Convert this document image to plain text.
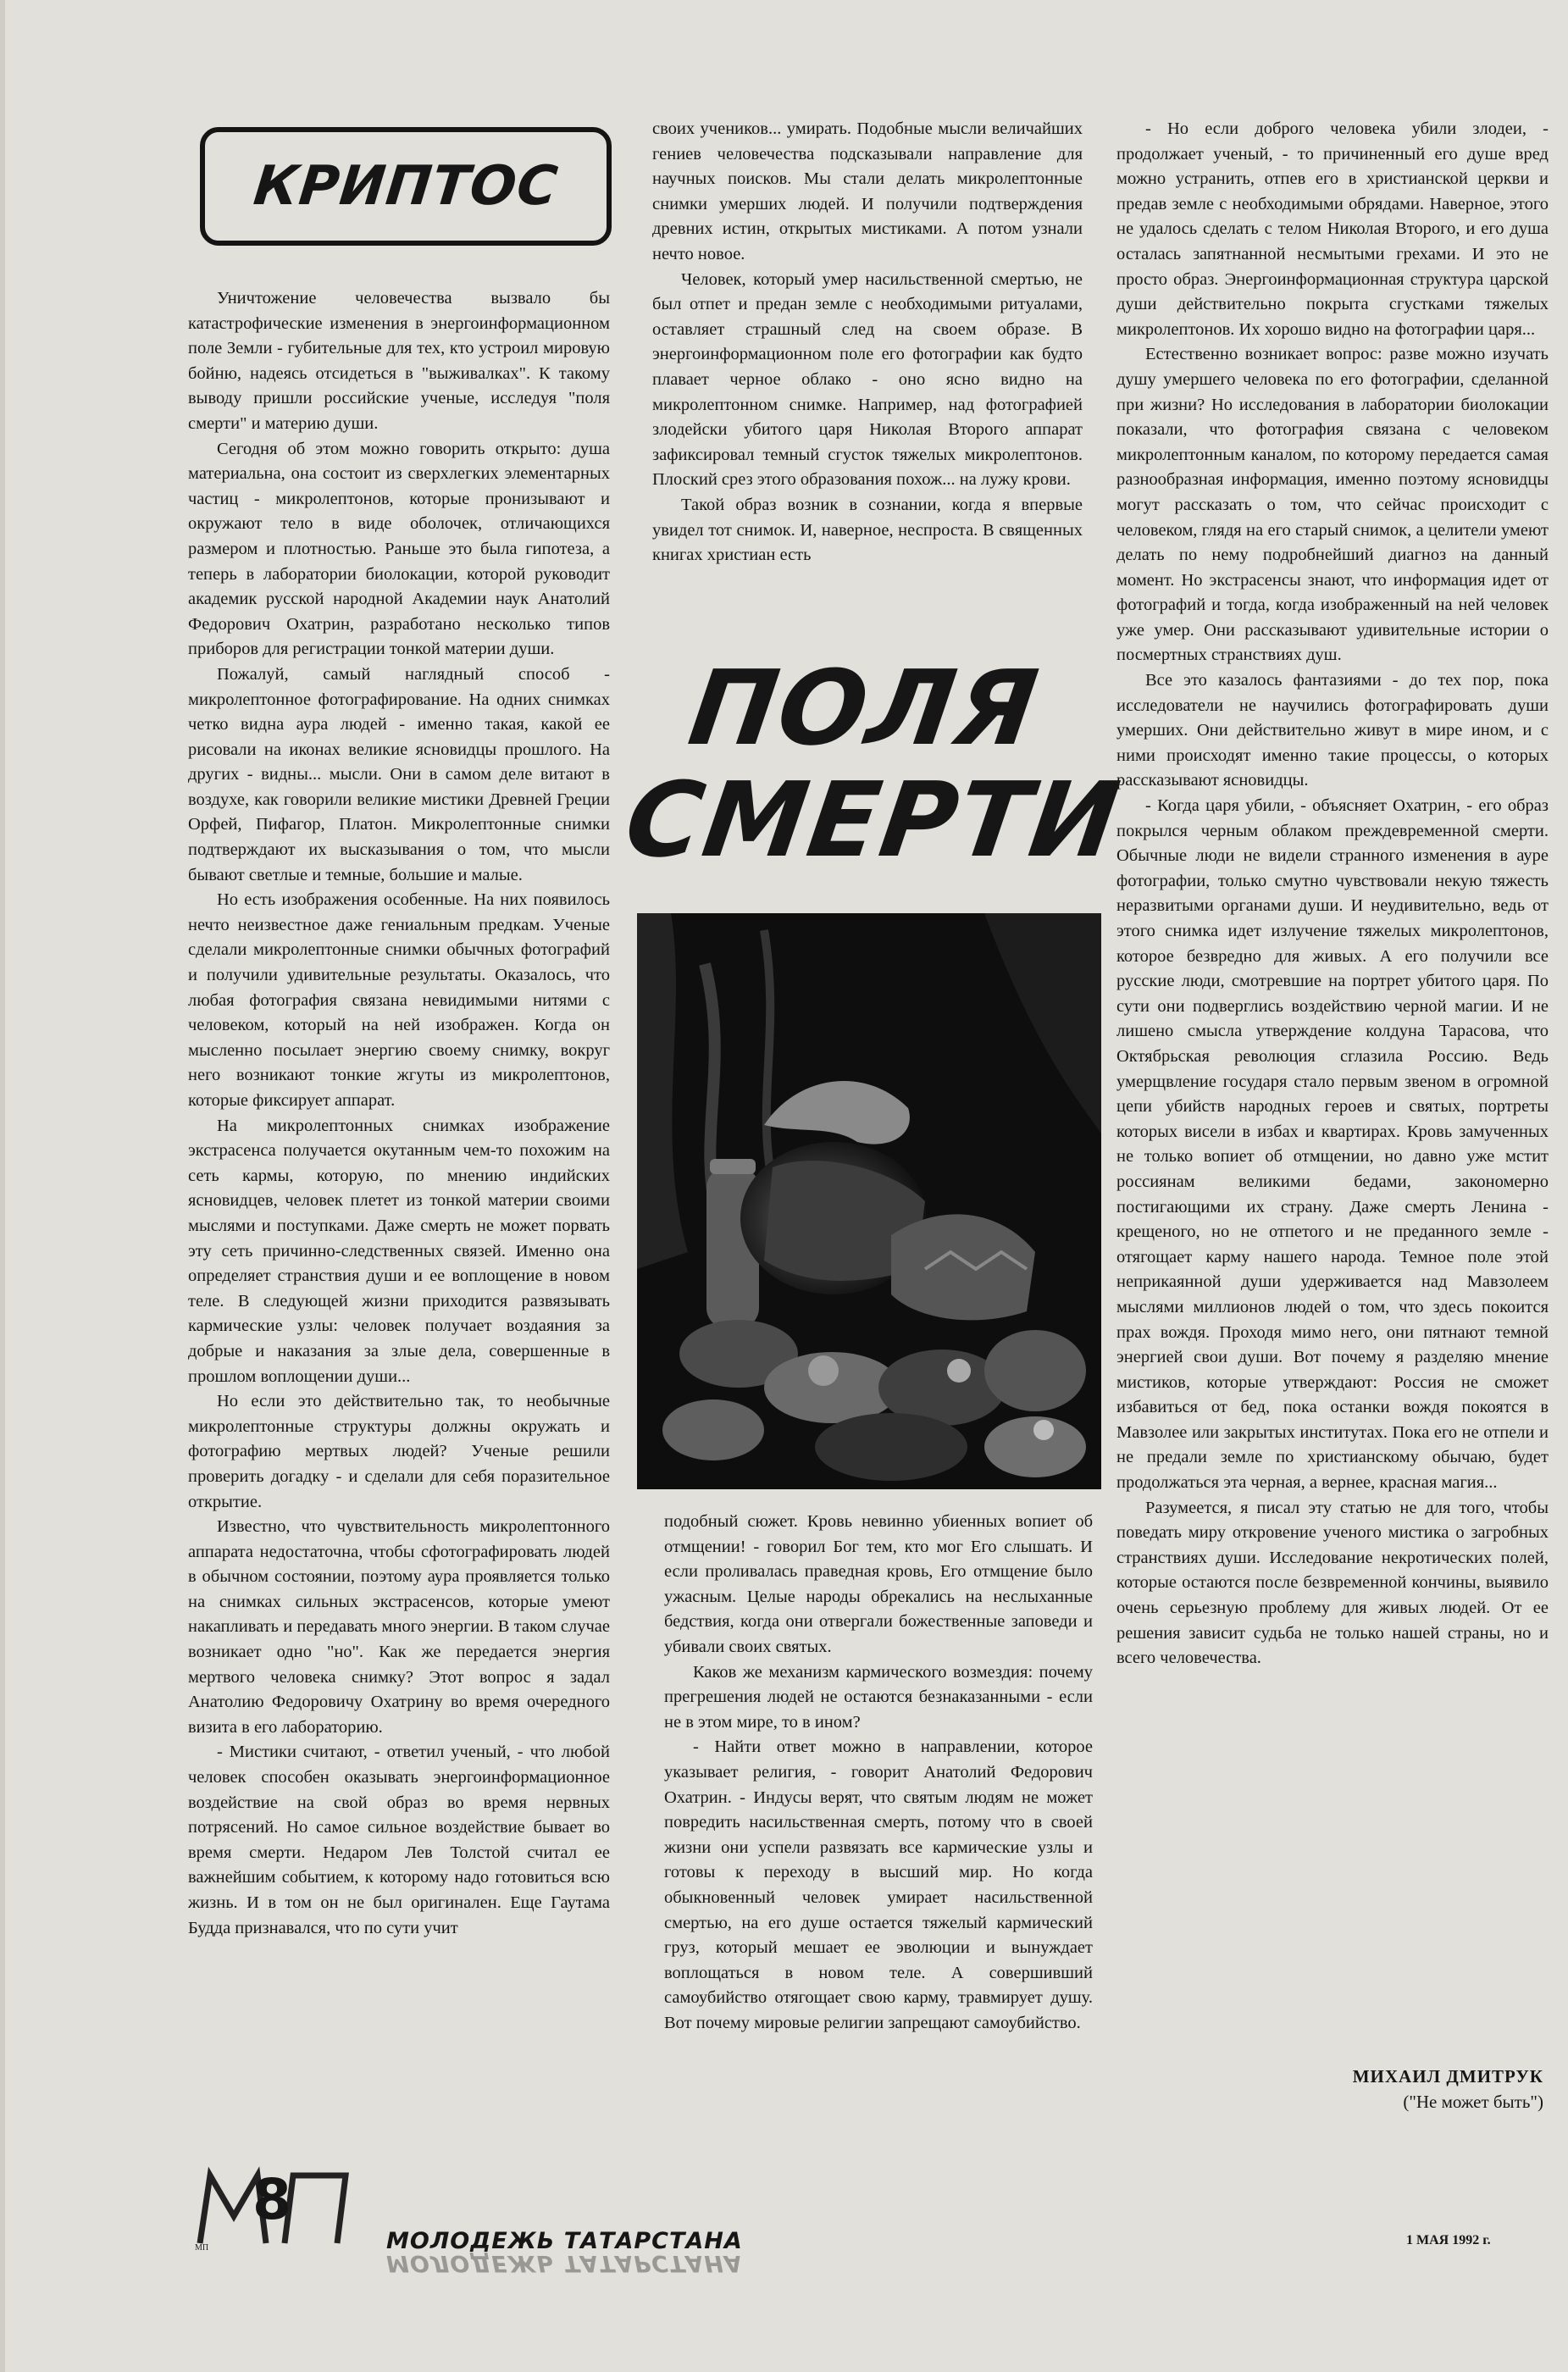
КРИПТОС

Уничтожение человечества вызвало бы катастрофические изменения в энергоинформационном поле Земли - губительные для тех, кто устроил мировую бойню, надеясь отсидеться в "выживалках". К такому выводу пришли российские ученые, исследуя "поля смерти" и материю души.

Сегодня об этом можно говорить открыто: душа материальна, она состоит из сверхлегких элементарных частиц - микролептонов, которые пронизывают и окружают тело в виде оболочек, отличающихся размером и плотностью. Раньше это была гипотеза, а теперь в лаборатории биолокации, которой руководит академик русской народной Академии наук Анатолий Федорович Охатрин, разработано несколько типов приборов для регистрации тонкой материи души.

Пожалуй, самый наглядный способ - микролептонное фотографирование. На одних снимках четко видна аура людей - именно такая, какой ее рисовали на иконах великие ясновидцы прошлого. На других - видны... мысли. Они в самом деле витают в воздухе, как говорили великие мистики Древней Греции Орфей, Пифагор, Платон. Микролептонные снимки подтверждают их высказывания о том, что мысли бывают светлые и темные, большие и малые.

Но есть изображения особенные. На них появилось нечто неизвестное даже гениальным предкам. Ученые сделали микролептонные снимки обычных фотографий и получили удивительные результаты. Оказалось, что любая фотография связана невидимыми нитями с человеком, который на ней изображен. Когда он мысленно посылает энергию своему снимку, вокруг него возникают тонкие жгуты из микролептонов, которые фиксирует аппарат.

На микролептонных снимках изображение экстрасенса получается окутанным чем-то похожим на сеть кармы, которую, по мнению индийских ясновидцев, человек плетет из тонкой материи своими мыслями и поступками. Даже смерть не может порвать эту сеть причинно-следственных связей. Именно она определяет странствия души и ее воплощение в новом теле. В следующей жизни приходится развязывать кармические узлы: человек получает воздаяния за добрые и наказания за злые дела, совершенные в прошлом воплощении души...

Но если это действительно так, то необычные микролептонные структуры должны окружать и фотографию мертвых людей? Ученые решили проверить догадку - и сделали для себя поразительное открытие.

Известно, что чувствительность микролептонного аппарата недостаточна, чтобы сфотографировать людей в обычном состоянии, поэтому аура проявляется только на снимках сильных экстрасенсов, которые умеют накапливать и передавать много энергии. В таком случае возникает одно "но". Как же передается энергия мертвого человека снимку? Этот вопрос я задал Анатолию Федоровичу Охатрину во время очередного визита в его лабораторию.

- Мистики считают, - ответил ученый, - что любой человек способен оказывать энергоинформационное воздействие на свой образ во время нервных потрясений. Но самое сильное воздействие бывает во время смерти. Недаром Лев Толстой считал ее важнейшим событием, к которому надо готовиться всю жизнь. И в том он не был оригинален. Еще Гаутама Будда признавался, что по сути учит

своих учеников... умирать. Подобные мысли величайших гениев человечества подсказывали направление для научных поисков. Мы стали делать микролептонные снимки умерших людей. И получили подтверждения древних истин, открытых мистиками. А потом узнали нечто новое.

Человек, который умер насильственной смертью, не был отпет и предан земле с необходимыми ритуалами, оставляет страшный след на своем образе. В энергоинформационном поле его фотографии как будто плавает черное облако - оно ясно видно на микролептонном снимке. Например, над фотографией злодейски убитого царя Николая Второго аппарат зафиксировал темный сгусток тяжелых микролептонов. Плоский срез этого образования похож... на лужу крови.

Такой образ возник в сознании, когда я впервые увидел тот снимок. И, наверное, неспроста. В священных книгах христиан есть

ПОЛЯ
СМЕРТИ

подобный сюжет. Кровь невинно убиенных вопиет об отмщении! - говорил Бог тем, кто мог Его слышать. И если проливалась праведная кровь, Его отмщение было ужасным. Целые народы обрекались на неслыханные бедствия, когда они отвергали божественные заповеди и убивали своих святых.

Каков же механизм кармического возмездия: почему прегрешения людей не остаются безнаказанными - если не в этом мире, то в ином?

- Найти ответ можно в направлении, которое указывает религия, - говорит Анатолий Федорович Охатрин. - Индусы верят, что святым людям не может повредить насильственная смерть, потому что в своей жизни они успели развязать все кармические узлы и готовы к переходу в высший мир. Но когда обыкновенный человек умирает насильственной смертью, на его душе остается тяжелый кармический груз, который мешает ее эволюции и вынуждает воплощаться в новом теле. А совершивший самоубийство отягощает свою карму, травмирует душу. Вот почему мировые религии запрещают самоубийство.

- Но если доброго человека убили злодеи, - продолжает ученый, - то причиненный его душе вред можно устранить, отпев его в христианской церкви и предав земле с необходимыми обрядами. Наверное, этого не удалось сделать с телом Николая Второго, и его душа осталась запятнанной несмытыми грехами. И это не просто образ. Энергоинформационная структура царской души действительно покрыта сгустками тяжелых микролептонов. Их хорошо видно на фотографии царя...

Естественно возникает вопрос: разве можно изучать душу умершего человека по его фотографии, сделанной при жизни? Но исследования в лаборатории биолокации показали, что фотография связана с человеком микролептонным каналом, по которому передается самая разнообразная информация, именно поэтому ясновидцы могут рассказать о том, что сейчас происходит с человеком, глядя на его старый снимок, а целители умеют делать по нему подробнейший диагноз на данный момент. Но экстрасенсы знают, что информация идет от фотографий и тогда, когда изображенный на ней человек уже умер. Они рассказывают удивительные истории о посмертных странствиях душ.

Все это казалось фантазиями - до тех пор, пока исследователи не научились фотографировать души умерших. Они действительно живут в мире ином, и с ними происходят именно такие процессы, о которых рассказывают ясновидцы.

- Когда царя убили, - объясняет Охатрин, - его образ покрылся черным облаком преждевременной смерти. Обычные люди не видели странного изменения в ауре фотографии, только смутно чувствовали некую тяжесть неразвитыми органами души. И неудивительно, ведь от этого снимка идет излучение тяжелых микролептонов, которое безвредно для живых. А его получили все русские люди, смотревшие на портрет убитого царя. По сути они подверглись воздействию черной магии. И не лишено смысла утверждение колдуна Тарасова, что Октябрьская революция сглазила Россию. Ведь умерщвление государя стало первым звеном в огромной цепи убийств народных героев и святых, портреты которых висели в избах и квартирах. Кровь замученных не только вопиет об отмщении, но давно уже мстит россиянам великими бедами, закономерно постигающими их страну. Даже смерть Ленина - крещеного, но не отпетого и не преданного земле - отягощает карму нашего народа. Темное поле этой неприкаянной души удерживается над Мавзолеем мыслями миллионов людей о том, что здесь покоится прах вождя. Проходя мимо него, они пятнают темной энергией свои души. Вот почему я разделяю мнение мистиков, которые утверждают: Россия не сможет избавиться от бед, пока останки вождя покоятся в Мавзолее или закрытых институтах. Пока его не отпели и не предали земле по христианскому обычаю, будет продолжаться эта черная, а вернее, красная магия...

Разумеется, я писал эту статью не для того, чтобы поведать миру откровение ученого мистика о загробных странствиях души. Исследование некротических полей, которые остаются после безвременной кончины, выявило очень серьезную проблему для живых людей. От ее решения зависит судьба не только нашей страны, но и всего человечества.

МИХАИЛ ДМИТРУК
("Не может быть")
МП
8
МОЛОДЕЖЬ ТАТАРСТАНА
МОЛОДЕЖЬ ТАТАРСТАНА
1 МАЯ 1992 г.
